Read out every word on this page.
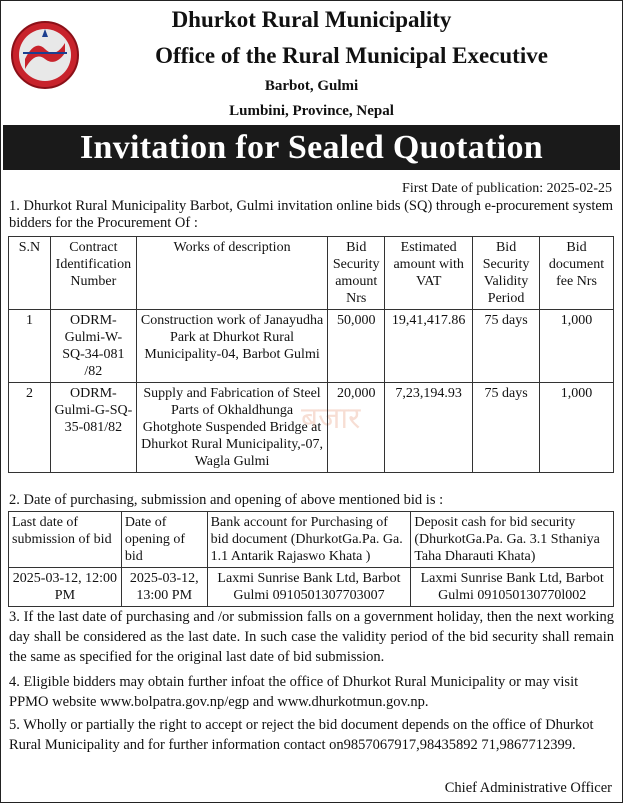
Dhurkot Rural Municipality
Office of the Rural Municipal Executive
Barbot, Gulmi
Lumbini, Province, Nepal
Invitation for Sealed Quotation
बजार
First Date of publication: 2025-02-25
1. Dhurkot Rural Municipality Barbot, Gulmi invitation online bids (SQ) through e-procurement system bidders for the Procurement Of :
S.N	Contract Identification Number	Works of description	Bid Security amount Nrs	Estimated amount with VAT	Bid Security Validity Period	Bid document fee Nrs
1	ODRM-Gulmi-W-SQ-34-081 /82	Construction work of Janayudha Park at Dhurkot Rural Municipality-04, Barbot Gulmi	50,000	19,41,417.86	75 days	1,000
2	ODRM-Gulmi-G-SQ-35-081/82	Supply and Fabrication of Steel Parts of Okhaldhunga Ghotghote Suspended Bridge at Dhurkot Rural Municipality,-07, Wagla Gulmi	20,000	7,23,194.93	75 days	1,000
2. Date of purchasing, submission and opening of above mentioned bid is :
Last date of submission of bid	Date of opening of bid	Bank account for Purchasing of bid document (DhurkotGa.Pa. Ga. 1.1 Antarik Rajaswo Khata )	Deposit cash for bid security (DhurkotGa.Pa. Ga. 3.1 Sthaniya Taha Dharauti Khata)
2025-03-12, 12:00 PM	2025-03-12, 13:00 PM	Laxmi Sunrise Bank Ltd, Barbot Gulmi 0910501307703007	Laxmi Sunrise Bank Ltd, Barbot Gulmi 091050130770l002
3. If the last date of purchasing and /or submission falls on a government holiday, then the next working day shall be considered as the last date. In such case the validity period of the bid security shall remain the same as specified for the original last date of bid submission.
4. Eligible bidders may obtain further infoat the office of Dhurkot Rural Municipality or may visit PPMO website www.bolpatra.gov.np/egp and www.dhurkotmun.gov.np.
5. Wholly or partially the right to accept or reject the bid document depends on the office of Dhurkot Rural Municipality and for further information contact on9857067917,98435892 71,9867712399.
Chief Administrative Officer
